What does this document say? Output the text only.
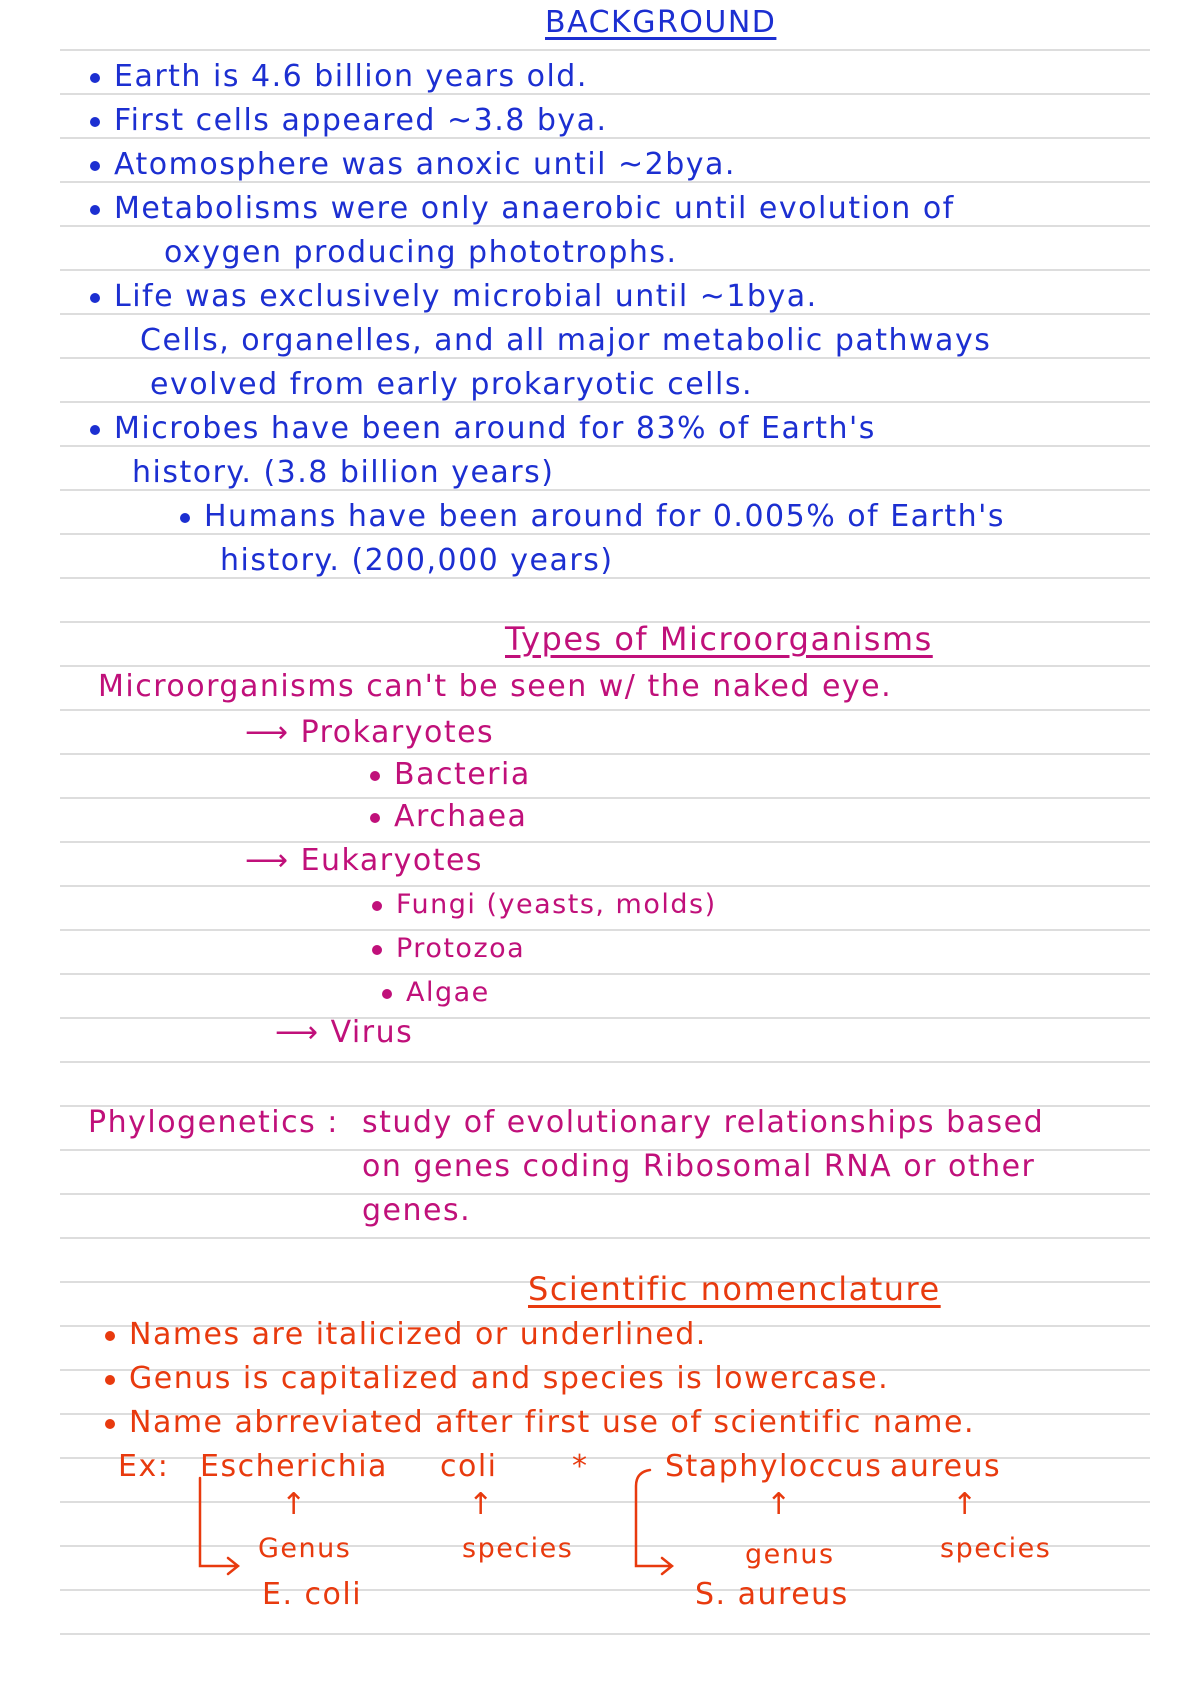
BACKGROUND
Earth is 4.6 billion years old.
First cells appeared ~3.8 bya.
Atomosphere was anoxic until ~2bya.
Metabolisms were only anaerobic until evolution of
oxygen producing phototrophs.
Life was exclusively microbial until ~1bya.
Cells, organelles, and all major metabolic pathways
evolved from early prokaryotic cells.
Microbes have been around for 83% of Earth's
history. (3.8 billion years)
Humans have been around for 0.005% of Earth's
history. (200,000 years)
Types of Microorganisms
Microorganisms can't be seen w/ the naked eye.
⟶ Prokaryotes
Bacteria
Archaea
⟶ Eukaryotes
Fungi (yeasts, molds)
Protozoa
Algae
⟶ Virus
Phylogenetics : study of evolutionary relationships based
on genes coding Ribosomal RNA or other
genes.
Scientific nomenclature
Names are italicized or underlined.
Genus is capitalized and species is lowercase.
Name abrreviated after first use of scientific name.
Ex: Escherichia coli *	Staphyloccus aureus
↑	↑	↑	↑
Genus	species	genus	species
E. coli	S. aureus
